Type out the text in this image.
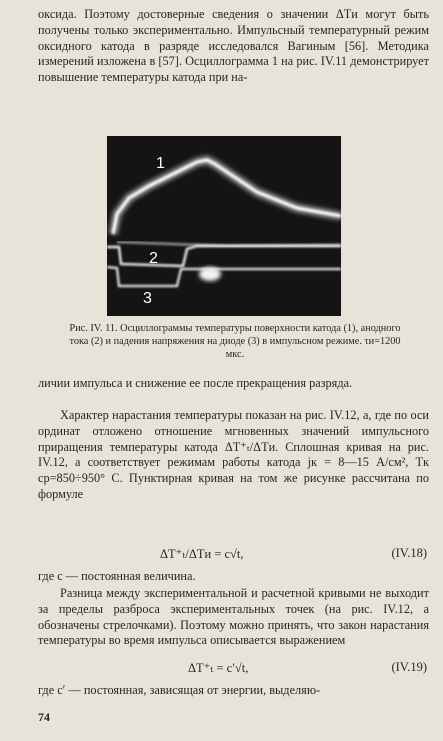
оксида. Поэтому достоверные сведения о значении ΔTи могут быть получены только экспериментально. Импульсный температурный режим оксидного катода в разряде исследовался Вагиным [56]. Методика измерений изложена в [57]. Осциллограмма 1 на рис. IV.11 демонстрирует повышение температуры катода при на-

1
2
3

Рис. IV. 11. Осциллограммы температуры поверхности катода (1), анодного тока (2) и падения напряжения на диоде (3) в импульсном режиме. τи=1200 мкс.

личии импульса и снижение ее после прекращения разряда.

Характер нарастания температуры показан на рис. IV.12, a, где по оси ординат отложено отношение мгновенных значений импульсного приращения температуры катода ΔT⁺ₜ/ΔTи. Сплошная кривая на рис. IV.12, a соответствует режимам работы катода jк = 8—15 А/см², Tк ср=850÷950° С. Пунктирная кривая на том же рисунке рассчитана по формуле

ΔT⁺ₜ/ΔTи = c√t,	(IV.18)

где с — постоянная величина.

Разница между экспериментальной и расчетной кривыми не выходит за пределы разброса экспериментальных точек (на рис. IV.12, a обозначены стрелочками). Поэтому можно принять, что закон нарастания температуры во время импульса описывается выражением

ΔT⁺ₜ = c′√t,	(IV.19)

где c′ — постоянная, зависящая от энергии, выделяю-

74
